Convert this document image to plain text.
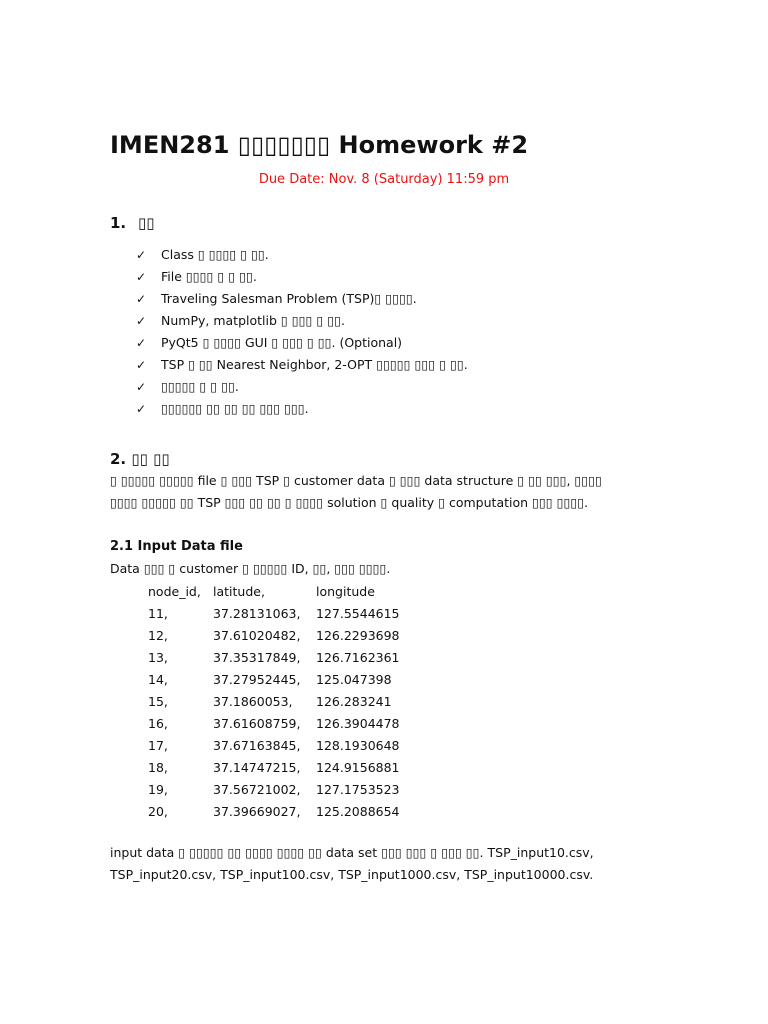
IMEN281 ▯▯▯▯▯▯▯ Homework #2
Due Date: Nov. 8 (Saturday) 11:59 pm
1. ▯▯
✓ Class ▯ ▯▯▯▯ ▯ ▯▯.
✓ File ▯▯▯▯ ▯ ▯ ▯▯.
✓ Traveling Salesman Problem (TSP)▯ ▯▯▯▯.
✓ NumPy, matplotlib ▯ ▯▯▯ ▯ ▯▯.
✓ PyQt5 ▯ ▯▯▯▯ GUI ▯ ▯▯▯ ▯ ▯▯. (Optional)
✓ TSP ▯ ▯▯ Nearest Neighbor, 2-OPT ▯▯▯▯▯ ▯▯▯ ▯ ▯▯.
✓ ▯▯▯▯▯ ▯ ▯ ▯▯.
✓ ▯▯▯▯▯▯ ▯▯ ▯▯ ▯▯ ▯▯▯ ▯▯▯.
2. ▯▯ ▯▯
▯ ▯▯▯▯▯ ▯▯▯▯▯ file ▯ ▯▯▯ TSP ▯ customer data ▯ ▯▯▯ data structure ▯ ▯▯ ▯▯▯, ▯▯▯▯
▯▯▯▯ ▯▯▯▯▯ ▯▯ TSP ▯▯▯ ▯▯ ▯▯ ▯ ▯▯▯▯ solution ▯ quality ▯ computation ▯▯▯ ▯▯▯▯.
2.1 Input Data file
Data ▯▯▯ ▯ customer ▯ ▯▯▯▯▯ ID, ▯▯, ▯▯▯ ▯▯▯▯.
node_id,	latitude,	longitude
11,	37.28131063,	127.5544615
12,	37.61020482,	126.2293698
13,	37.35317849,	126.7162361
14,	37.27952445,	125.047398
15,	37.1860053,	126.283241
16,	37.61608759,	126.3904478
17,	37.67163845,	128.1930648
18,	37.14747215,	124.9156881
19,	37.56721002,	127.1753523
20,	37.39669027,	125.2088654
input data ▯ ▯▯▯▯▯ ▯▯ ▯▯▯▯ ▯▯▯▯ ▯▯ data set ▯▯▯ ▯▯▯ ▯ ▯▯▯ ▯▯. TSP_input10.csv,
TSP_input20.csv, TSP_input100.csv, TSP_input1000.csv, TSP_input10000.csv.
